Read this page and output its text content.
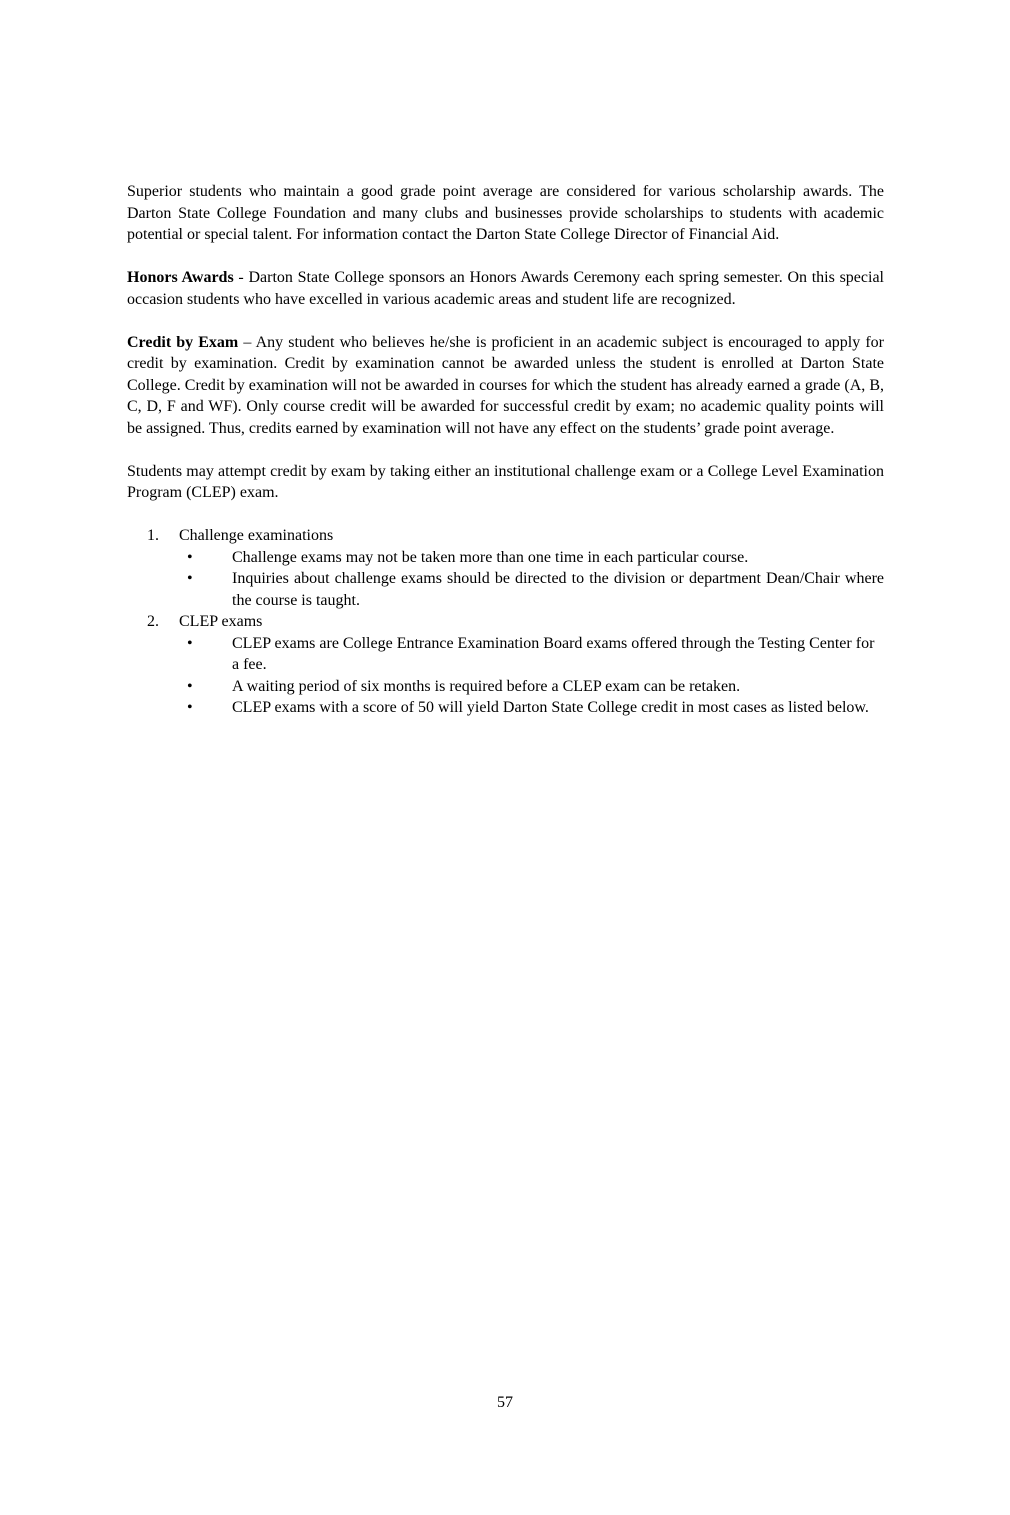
Superior students who maintain a good grade point average are considered for various scholarship awards. The Darton State College Foundation and many clubs and businesses provide scholarships to students with academic potential or special talent. For information contact the Darton State College Director of Financial Aid.

Honors Awards - Darton State College sponsors an Honors Awards Ceremony each spring semester. On this special occasion students who have excelled in various academic areas and student life are recognized.

Credit by Exam – Any student who believes he/she is proficient in an academic subject is encouraged to apply for credit by examination. Credit by examination cannot be awarded unless the student is enrolled at Darton State College. Credit by examination will not be awarded in courses for which the student has already earned a grade (A, B, C, D, F and WF). Only course credit will be awarded for successful credit by exam; no academic quality points will be assigned. Thus, credits earned by examination will not have any effect on the students’ grade point average.

Students may attempt credit by exam by taking either an institutional challenge exam or a College Level Examination Program (CLEP) exam.

1. Challenge examinations
• Challenge exams may not be taken more than one time in each particular course.
• Inquiries about challenge exams should be directed to the division or department Dean/Chair where the course is taught.
2. CLEP exams
• CLEP exams are College Entrance Examination Board exams offered through the Testing Center for a fee.
• A waiting period of six months is required before a CLEP exam can be retaken.
• CLEP exams with a score of 50 will yield Darton State College credit in most cases as listed below.
57
